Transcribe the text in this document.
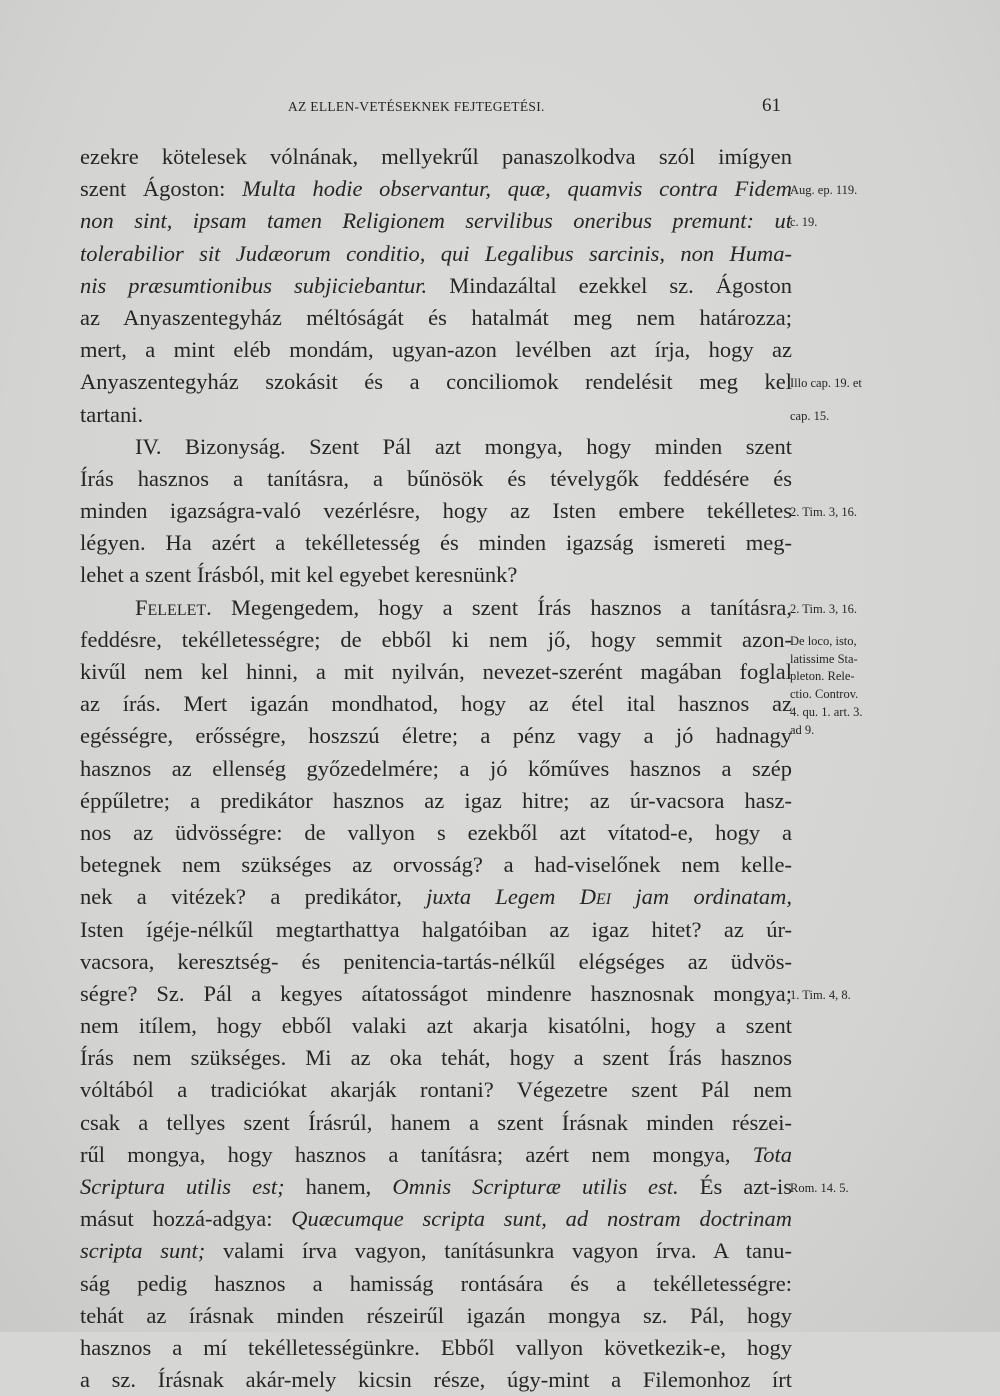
AZ ELLEN-VETÉSEKNEK FEJTEGETÉSI.	61
ezekre kötelesek vólnának, mellyekrűl panaszolkodva szól imígyen
szent Ágoston: Multa hodie observantur, quæ, quamvis contra Fidem
non sint, ipsam tamen Religionem servilibus oneribus premunt: ut
tolerabilior sit Judæorum conditio, qui Legalibus sarcinis, non Huma-
nis præsumtionibus subjiciebantur. Mindazáltal ezekkel sz. Ágoston
az Anyaszentegyház méltóságát és hatalmát meg nem határozza;
mert, a mint eléb mondám, ugyan-azon levélben azt írja, hogy az
Anyaszentegyház szokásit és a conciliomok rendelésit meg kel
tartani.
IV. Bizonyság. Szent Pál azt mongya, hogy minden szent
Írás hasznos a tanításra, a bűnösök és tévelygők feddésére és
minden igazságra-való vezérlésre, hogy az Isten embere tekélletes
légyen. Ha azért a tekélletesség és minden igazság ismereti meg-
lehet a szent Írásból, mit kel egyebet keresnünk?
Felelet. Megengedem, hogy a szent Írás hasznos a tanításra,
feddésre, tekélletességre; de ebből ki nem jő, hogy semmit azon-
kivűl nem kel hinni, a mit nyilván, nevezet-szerént magában foglal
az írás. Mert igazán mondhatod, hogy az étel ital hasznos az
egésségre, erősségre, hoszszú életre; a pénz vagy a jó hadnagy
hasznos az ellenség győzedelmére; a jó kőműves hasznos a szép
éppűletre; a predikátor hasznos az igaz hitre; az úr-vacsora hasz-
nos az üdvösségre: de vallyon s ezekből azt vítatod-e, hogy a
betegnek nem szükséges az orvosság? a had-viselőnek nem kelle-
nek a vitézek? a predikátor, juxta Legem Dei jam ordinatam,
Isten ígéje-nélkűl megtarthattya halgatóiban az igaz hitet? az úr-
vacsora, keresztség- és penitencia-tartás-nélkűl elégséges az üdvös-
ségre? Sz. Pál a kegyes aítatosságot mindenre hasznosnak mongya;
nem itílem, hogy ebből valaki azt akarja kisatólni, hogy a szent
Írás nem szükséges. Mi az oka tehát, hogy a szent Írás hasznos
vóltából a tradiciókat akarják rontani? Végezetre szent Pál nem
csak a tellyes szent Írásrúl, hanem a szent Írásnak minden részei-
rűl mongya, hogy hasznos a tanításra; azért nem mongya, Tota
Scriptura utilis est; hanem, Omnis Scripturæ utilis est. És azt-is
másut hozzá-adgya: Quæcumque scripta sunt, ad nostram doctrinam
scripta sunt; valami írva vagyon, tanításunkra vagyon írva. A tanu-
ság pedig hasznos a hamisság rontására és a tekélletességre:
tehát az írásnak minden részeirűl igazán mongya sz. Pál, hogy
hasznos a mí tekélletességünkre. Ebből vallyon következik-e, hogy
a sz. Írásnak akár-mely kicsin része, úgy-mint a Filemonhoz írt
Aug. ep. 119.
c. 19.
Illo cap. 19. et
cap. 15.
2. Tim. 3, 16.
2. Tim. 3, 16.
De loco, isto,
latissime Sta-
pleton. Rele-
ctio. Controv.
4. qu. 1. art. 3.
ad 9.
1. Tim. 4, 8.
Rom. 14. 5.
